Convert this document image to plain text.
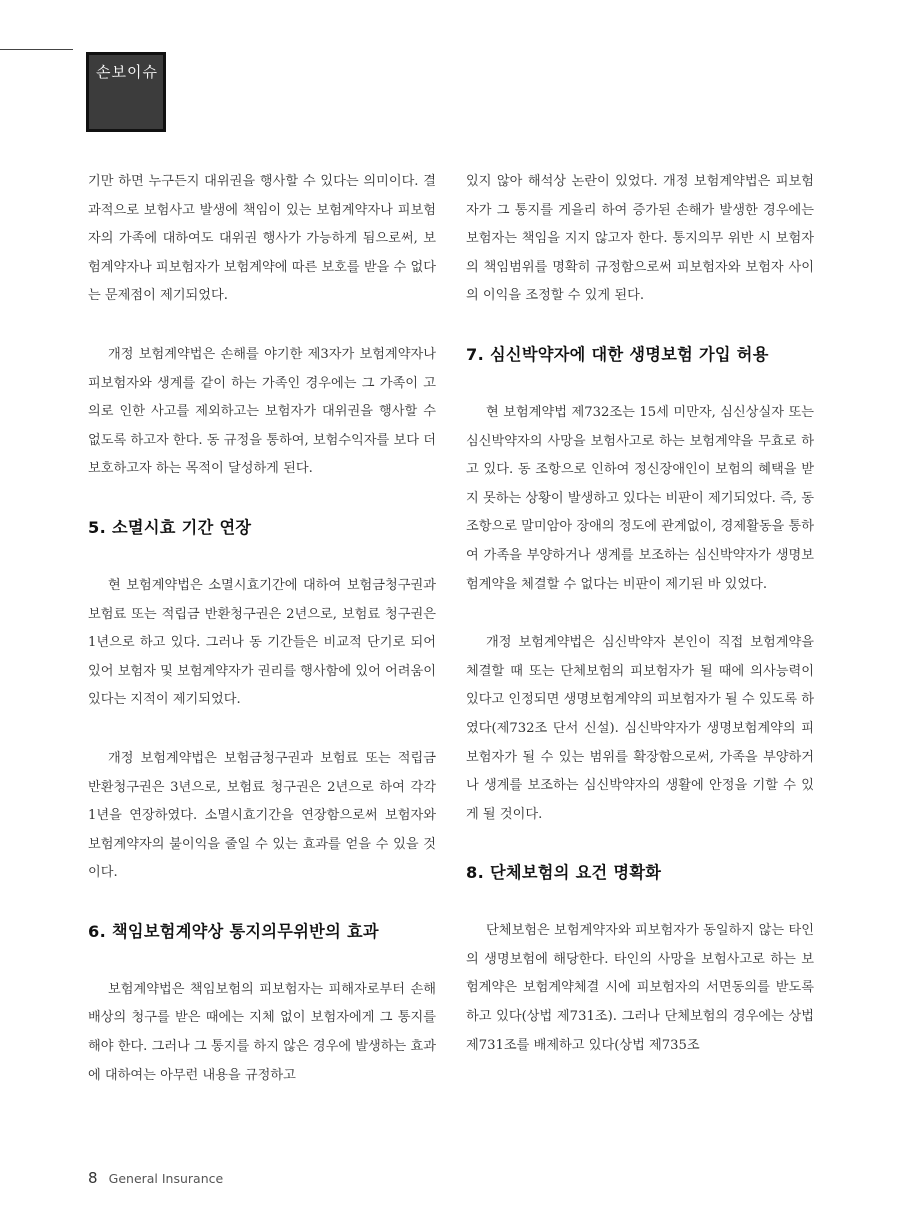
손보이슈

기만 하면 누구든지 대위권을 행사할 수 있다는 의미이다. 결과적으로 보험사고 발생에 책임이 있는 보험계약자나 피보험자의 가족에 대하여도 대위권 행사가 가능하게 됨으로써, 보험계약자나 피보험자가 보험계약에 따른 보호를 받을 수 없다는 문제점이 제기되었다.

개정 보험계약법은 손해를 야기한 제3자가 보험계약자나 피보험자와 생계를 같이 하는 가족인 경우에는 그 가족이 고의로 인한 사고를 제외하고는 보험자가 대위권을 행사할 수 없도록 하고자 한다. 동 규정을 통하여, 보험수익자를 보다 더 보호하고자 하는 목적이 달성하게 된다.

5. 소멸시효 기간 연장

현 보험계약법은 소멸시효기간에 대하여 보험금청구권과 보험료 또는 적립금 반환청구권은 2년으로, 보험료 청구권은 1년으로 하고 있다. 그러나 동 기간들은 비교적 단기로 되어 있어 보험자 및 보험계약자가 권리를 행사함에 있어 어려움이 있다는 지적이 제기되었다.

개정 보험계약법은 보험금청구권과 보험료 또는 적립금 반환청구권은 3년으로, 보험료 청구권은 2년으로 하여 각각 1년을 연장하였다. 소멸시효기간을 연장함으로써 보험자와 보험계약자의 불이익을 줄일 수 있는 효과를 얻을 수 있을 것이다.

6. 책임보험계약상 통지의무위반의 효과

보험계약법은 책임보험의 피보험자는 피해자로부터 손해배상의 청구를 받은 때에는 지체 없이 보험자에게 그 통지를 해야 한다. 그러나 그 통지를 하지 않은 경우에 발생하는 효과에 대하여는 아무런 내용을 규정하고

있지 않아 해석상 논란이 있었다. 개정 보험계약법은 피보험자가 그 통지를 게을리 하여 증가된 손해가 발생한 경우에는 보험자는 책임을 지지 않고자 한다. 통지의무 위반 시 보험자의 책임범위를 명확히 규정함으로써 피보험자와 보험자 사이의 이익을 조정할 수 있게 된다.

7. 심신박약자에 대한 생명보험 가입 허용

현 보험계약법 제732조는 15세 미만자, 심신상실자 또는 심신박약자의 사망을 보험사고로 하는 보험계약을 무효로 하고 있다. 동 조항으로 인하여 정신장애인이 보험의 혜택을 받지 못하는 상황이 발생하고 있다는 비판이 제기되었다. 즉, 동 조항으로 말미암아 장애의 정도에 관계없이, 경제활동을 통하여 가족을 부양하거나 생계를 보조하는 심신박약자가 생명보험계약을 체결할 수 없다는 비판이 제기된 바 있었다.

개정 보험계약법은 심신박약자 본인이 직접 보험계약을 체결할 때 또는 단체보험의 피보험자가 될 때에 의사능력이 있다고 인정되면 생명보험계약의 피보험자가 될 수 있도록 하였다(제732조 단서 신설). 심신박약자가 생명보험계약의 피보험자가 될 수 있는 범위를 확장함으로써, 가족을 부양하거나 생계를 보조하는 심신박약자의 생활에 안정을 기할 수 있게 될 것이다.

8. 단체보험의 요건 명확화

단체보험은 보험계약자와 피보험자가 동일하지 않는 타인의 생명보험에 해당한다. 타인의 사망을 보험사고로 하는 보험계약은 보험계약체결 시에 피보험자의 서면동의를 받도록 하고 있다(상법 제731조). 그러나 단체보험의 경우에는 상법 제731조를 배제하고 있다(상법 제735조

8 General Insurance
